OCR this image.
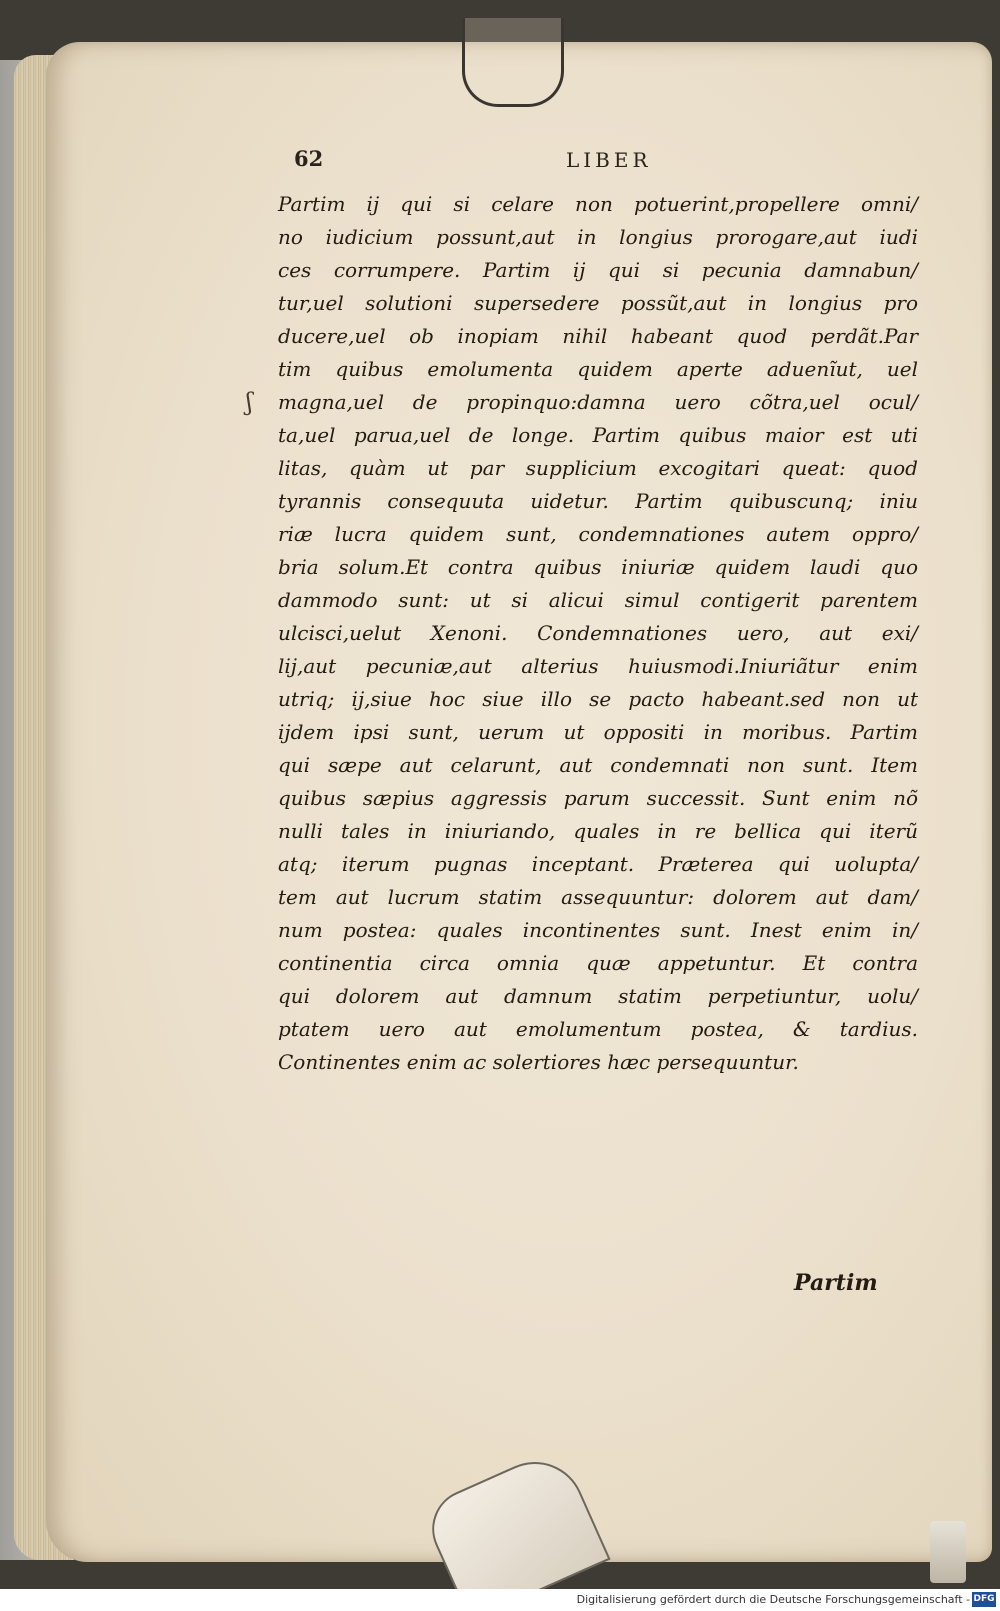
62	LIBER
ʃ
Partim ij qui si celare non potuerint,propellere omni/
no iudicium possunt,aut in longius prorogare,aut iudi
ces corrumpere. Partim ij qui si pecunia damnabun/
tur,uel solutioni supersedere possũt,aut in longius pro
ducere,uel ob inopiam nihil habeant quod perdãt.Par
tim quibus emolumenta quidem aperte aduenĩut, uel
magna,uel de propinquo:damna uero cõtra,uel ocul/
ta,uel parua,uel de longe. Partim quibus maior est uti
litas, quàm ut par supplicium excogitari queat: quod
tyrannis consequuta uidetur. Partim quibuscunq; iniu
riæ lucra quidem sunt, condemnationes autem oppro/
bria solum.Et contra quibus iniuriæ quidem laudi quo
dammodo sunt: ut si alicui simul contigerit parentem
ulcisci,uelut Xenoni. Condemnationes uero, aut exi/
lij,aut pecuniæ,aut alterius huiusmodi.Iniuriãtur enim
utriq; ij,siue hoc siue illo se pacto habeant.sed non ut
ijdem ipsi sunt, uerum ut oppositi in moribus. Partim
qui sæpe aut celarunt, aut condemnati non sunt. Item
quibus sæpius aggressis parum successit. Sunt enim nõ
nulli tales in iniuriando, quales in re bellica qui iterũ
atq; iterum pugnas inceptant. Præterea qui uolupta/
tem aut lucrum statim assequuntur: dolorem aut dam/
num postea: quales incontinentes sunt. Inest enim in/
continentia circa omnia quæ appetuntur. Et contra
qui dolorem aut damnum statim perpetiuntur, uolu/
ptatem uero aut emolumentum postea, & tardius.
Continentes enim ac solertiores hæc persequuntur.
Partim
Digitalisierung gefördert durch die Deutsche Forschungsgemeinschaft - DFG
